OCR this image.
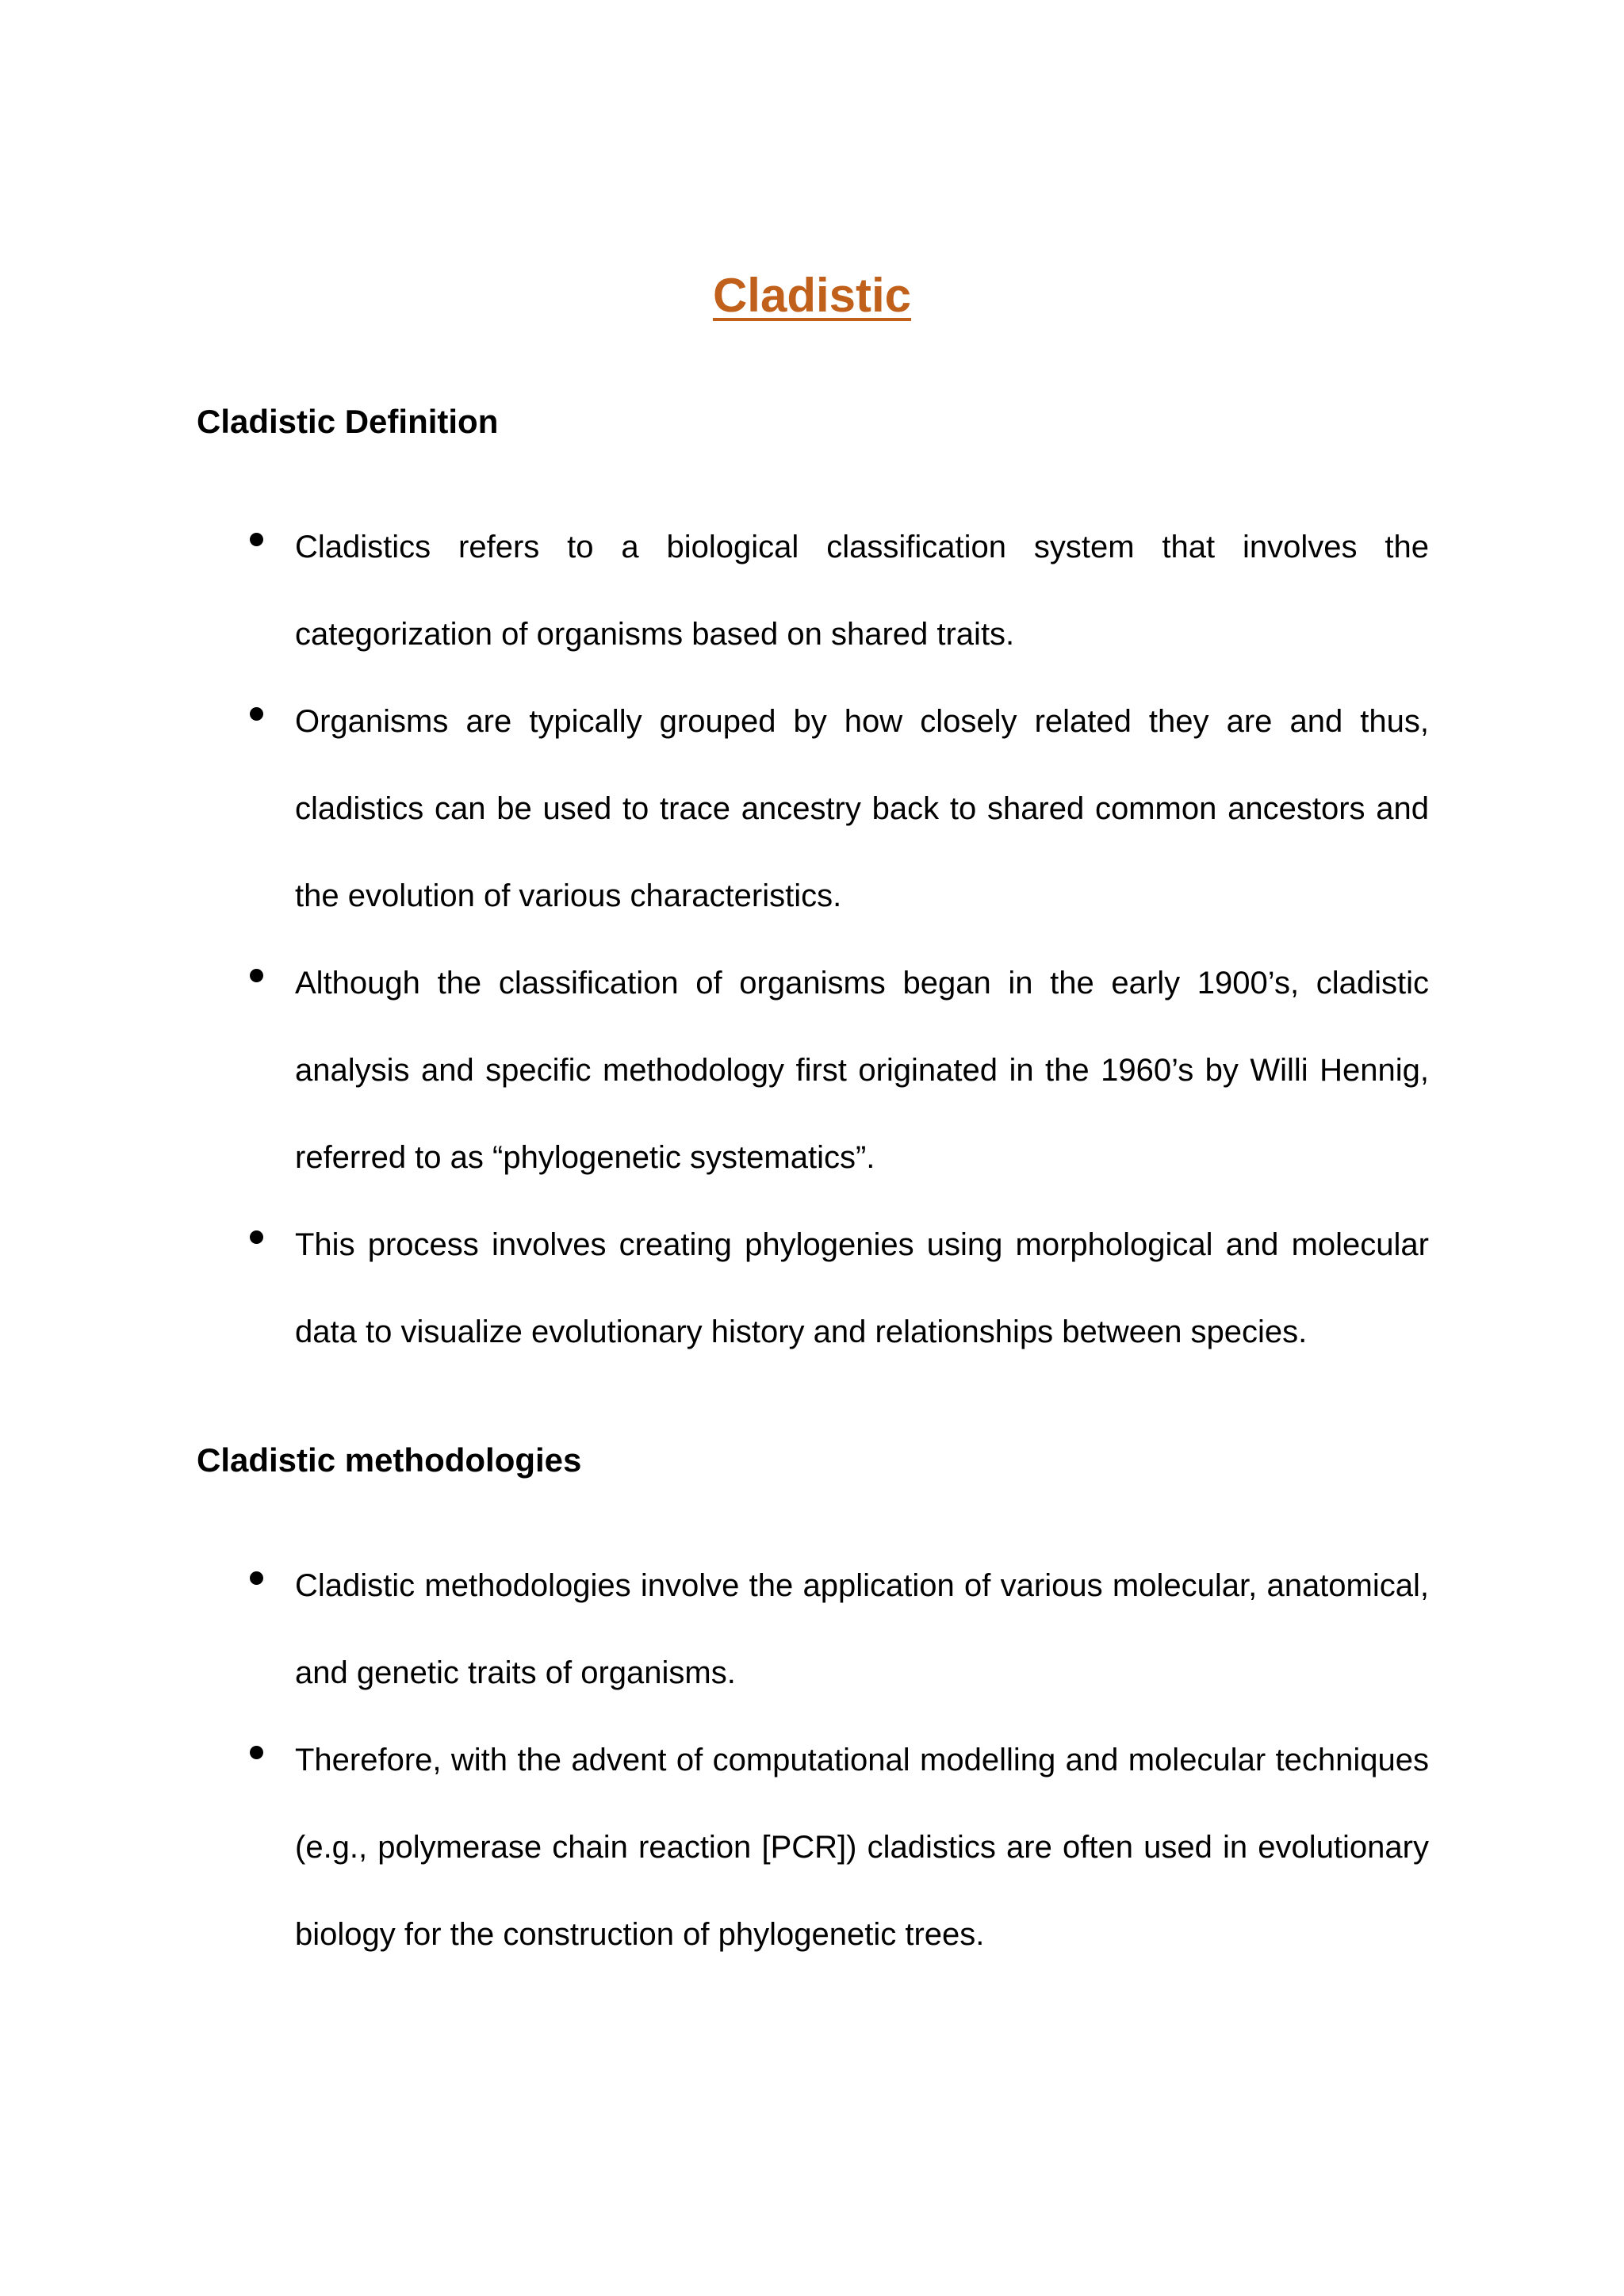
Cladistic
Cladistic Definition
Cladistics refers to a biological classification system that involves the categorization of organisms based on shared traits.
Organisms are typically grouped by how closely related they are and thus, cladistics can be used to trace ancestry back to shared common ancestors and the evolution of various characteristics.
Although the classification of organisms began in the early 1900’s, cladistic analysis and specific methodology first originated in the 1960’s by Willi Hennig, referred to as “phylogenetic systematics”.
This process involves creating phylogenies using morphological and molecular data to visualize evolutionary history and relationships between species.
Cladistic methodologies
Cladistic methodologies involve the application of various molecular, anatomical, and genetic traits of organisms.
Therefore, with the advent of computational modelling and molecular techniques (e.g., polymerase chain reaction [PCR]) cladistics are often used in evolutionary biology for the construction of phylogenetic trees.
